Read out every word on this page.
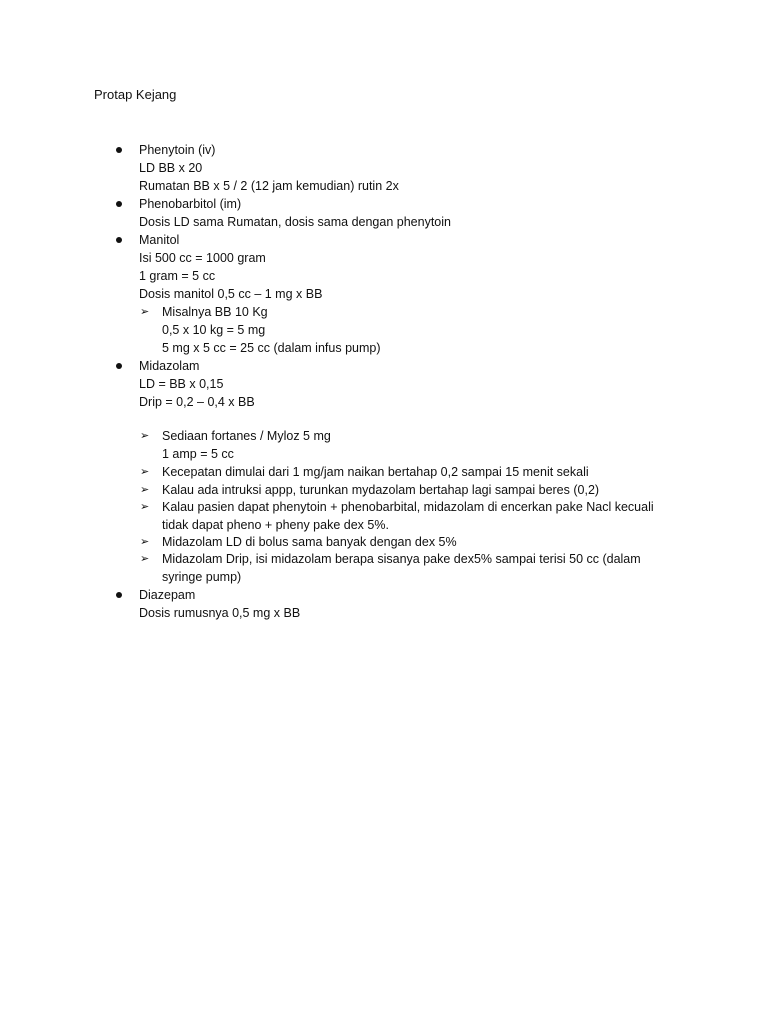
Protap Kejang
Phenytoin (iv)
LD BB x 20
Rumatan BB x 5 / 2 (12 jam kemudian) rutin 2x
Phenobarbitol (im)
Dosis LD sama Rumatan, dosis sama dengan phenytoin
Manitol
Isi 500 cc = 1000 gram
1 gram = 5 cc
Dosis manitol 0,5 cc – 1 mg x BB
➢ Misalnya BB 10 Kg
0,5 x 10 kg = 5 mg
5 mg x 5 cc = 25 cc (dalam infus pump)
Midazolam
LD = BB x 0,15
Drip = 0,2 – 0,4 x BB
➢ Sediaan fortanes / Myloz 5 mg
1 amp = 5 cc
➢ Kecepatan dimulai dari 1 mg/jam naikan bertahap 0,2 sampai 15 menit sekali
➢ Kalau ada intruksi appp, turunkan mydazolam bertahap lagi sampai beres (0,2)
➢ Kalau pasien dapat phenytoin + phenobarbital, midazolam di encerkan pake Nacl kecuali
tidak dapat pheno + pheny pake dex 5%.
➢ Midazolam LD di bolus sama banyak dengan dex 5%
➢ Midazolam Drip, isi midazolam berapa sisanya pake dex5% sampai terisi 50 cc (dalam
syringe pump)
Diazepam
Dosis rumusnya 0,5 mg x BB
